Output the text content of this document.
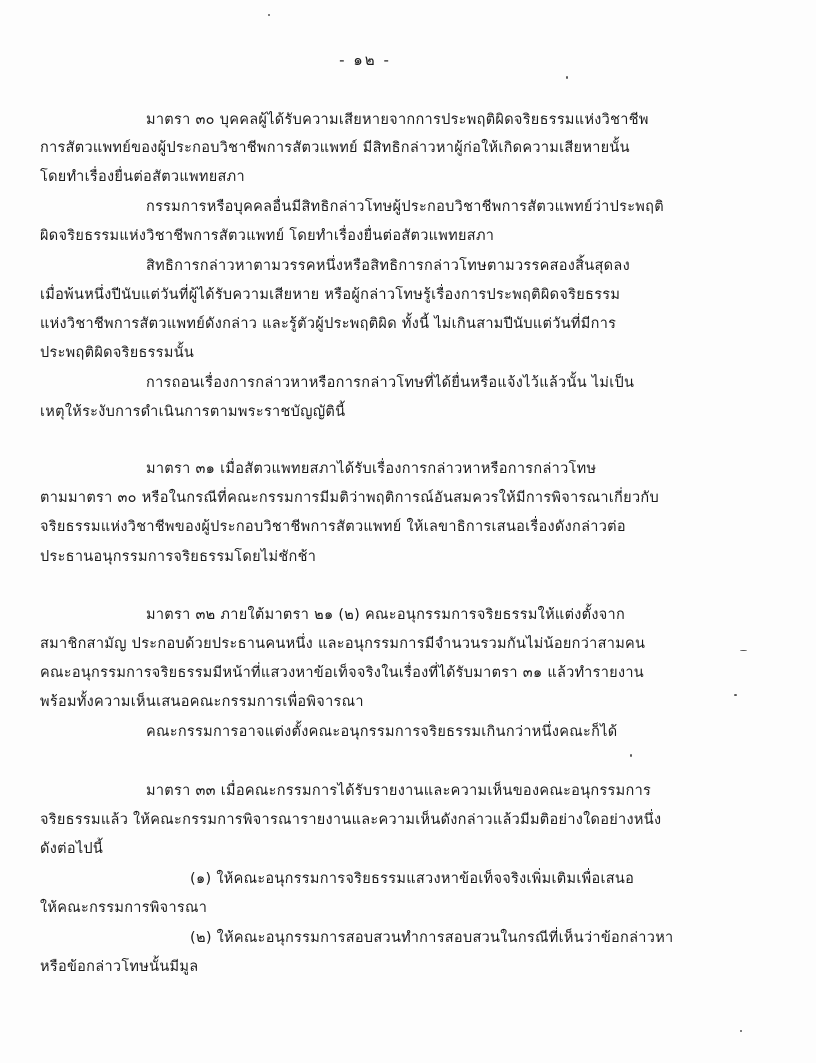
- ๑๒ -
มาตรา ๓๐ บุคคลผู้ได้รับความเสียหายจากการประพฤติผิดจริยธรรมแห่งวิชาชีพ
การสัตวแพทย์ของผู้ประกอบวิชาชีพการสัตวแพทย์ มีสิทธิกล่าวหาผู้ก่อให้เกิดความเสียหายนั้น
โดยทำเรื่องยื่นต่อสัตวแพทยสภา
กรรมการหรือบุคคลอื่นมีสิทธิกล่าวโทษผู้ประกอบวิชาชีพการสัตวแพทย์ว่าประพฤติ
ผิดจริยธรรมแห่งวิชาชีพการสัตวแพทย์ โดยทำเรื่องยื่นต่อสัตวแพทยสภา
สิทธิการกล่าวหาตามวรรคหนึ่งหรือสิทธิการกล่าวโทษตามวรรคสองสิ้นสุดลง
เมื่อพ้นหนึ่งปีนับแต่วันที่ผู้ได้รับความเสียหาย หรือผู้กล่าวโทษรู้เรื่องการประพฤติผิดจริยธรรม
แห่งวิชาชีพการสัตวแพทย์ดังกล่าว และรู้ตัวผู้ประพฤติผิด ทั้งนี้ ไม่เกินสามปีนับแต่วันที่มีการ
ประพฤติผิดจริยธรรมนั้น
การถอนเรื่องการกล่าวหาหรือการกล่าวโทษที่ได้ยื่นหรือแจ้งไว้แล้วนั้น ไม่เป็น
เหตุให้ระงับการดำเนินการตามพระราชบัญญัตินี้
มาตรา ๓๑ เมื่อสัตวแพทยสภาได้รับเรื่องการกล่าวหาหรือการกล่าวโทษ
ตามมาตรา ๓๐ หรือในกรณีที่คณะกรรมการมีมติว่าพฤติการณ์อันสมควรให้มีการพิจารณาเกี่ยวกับ
จริยธรรมแห่งวิชาชีพของผู้ประกอบวิชาชีพการสัตวแพทย์ ให้เลขาธิการเสนอเรื่องดังกล่าวต่อ
ประธานอนุกรรมการจริยธรรมโดยไม่ชักช้า
มาตรา ๓๒ ภายใต้มาตรา ๒๑ (๒) คณะอนุกรรมการจริยธรรมให้แต่งตั้งจาก
สมาชิกสามัญ ประกอบด้วยประธานคนหนึ่ง และอนุกรรมการมีจำนวนรวมกันไม่น้อยกว่าสามคน
คณะอนุกรรมการจริยธรรมมีหน้าที่แสวงหาข้อเท็จจริงในเรื่องที่ได้รับมาตรา ๓๑ แล้วทำรายงาน
พร้อมทั้งความเห็นเสนอคณะกรรมการเพื่อพิจารณา
คณะกรรมการอาจแต่งตั้งคณะอนุกรรมการจริยธรรมเกินกว่าหนึ่งคณะก็ได้
มาตรา ๓๓ เมื่อคณะกรรมการได้รับรายงานและความเห็นของคณะอนุกรรมการ
จริยธรรมแล้ว ให้คณะกรรมการพิจารณารายงานและความเห็นดังกล่าวแล้วมีมติอย่างใดอย่างหนึ่ง
ดังต่อไปนี้
(๑) ให้คณะอนุกรรมการจริยธรรมแสวงหาข้อเท็จจริงเพิ่มเติมเพื่อเสนอ
ให้คณะกรรมการพิจารณา
(๒) ให้คณะอนุกรรมการสอบสวนทำการสอบสวนในกรณีที่เห็นว่าข้อกล่าวหา
หรือข้อกล่าวโทษนั้นมีมูล
